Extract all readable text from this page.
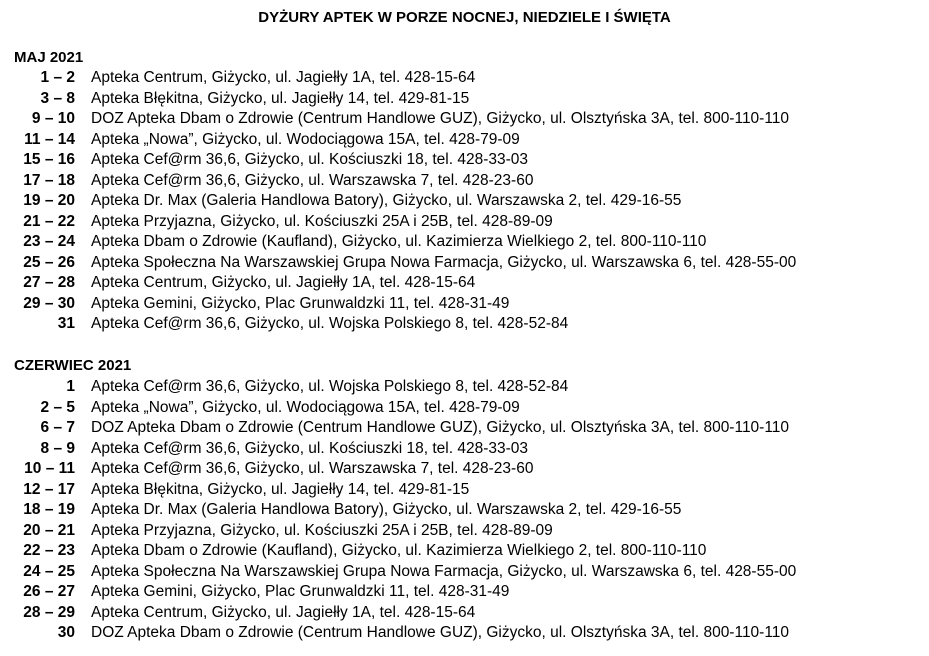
DYŻURY APTEK W PORZE NOCNEJ, NIEDZIELE I ŚWIĘTA
MAJ 2021
1 – 2 Apteka Centrum, Giżycko, ul. Jagiełły 1A, tel. 428-15-64
3 – 8 Apteka Błękitna, Giżycko, ul. Jagiełły 14, tel. 429-81-15
9 – 10 DOZ Apteka Dbam o Zdrowie (Centrum Handlowe GUZ), Giżycko, ul. Olsztyńska 3A, tel. 800-110-110
11 – 14 Apteka „Nowa”, Giżycko, ul. Wodociągowa 15A, tel. 428-79-09
15 – 16 Apteka Cef@rm 36,6, Giżycko, ul. Kościuszki 18, tel. 428-33-03
17 – 18 Apteka Cef@rm 36,6, Giżycko, ul. Warszawska 7, tel. 428-23-60
19 – 20 Apteka Dr. Max (Galeria Handlowa Batory), Giżycko, ul. Warszawska 2, tel. 429-16-55
21 – 22 Apteka Przyjazna, Giżycko, ul. Kościuszki 25A i 25B, tel. 428-89-09
23 – 24 Apteka Dbam o Zdrowie (Kaufland), Giżycko, ul. Kazimierza Wielkiego 2, tel. 800-110-110
25 – 26 Apteka Społeczna Na Warszawskiej Grupa Nowa Farmacja, Giżycko, ul. Warszawska 6, tel. 428-55-00
27 – 28 Apteka Centrum, Giżycko, ul. Jagiełły 1A, tel. 428-15-64
29 – 30 Apteka Gemini, Giżycko, Plac Grunwaldzki 11, tel. 428-31-49
31 Apteka Cef@rm 36,6, Giżycko, ul. Wojska Polskiego 8, tel. 428-52-84
CZERWIEC 2021
1 Apteka Cef@rm 36,6, Giżycko, ul. Wojska Polskiego 8, tel. 428-52-84
2 – 5 Apteka „Nowa”, Giżycko, ul. Wodociągowa 15A, tel. 428-79-09
6 – 7 DOZ Apteka Dbam o Zdrowie (Centrum Handlowe GUZ), Giżycko, ul. Olsztyńska 3A, tel. 800-110-110
8 – 9 Apteka Cef@rm 36,6, Giżycko, ul. Kościuszki 18, tel. 428-33-03
10 – 11 Apteka Cef@rm 36,6, Giżycko, ul. Warszawska 7, tel. 428-23-60
12 – 17 Apteka Błękitna, Giżycko, ul. Jagiełły 14, tel. 429-81-15
18 – 19 Apteka Dr. Max (Galeria Handlowa Batory), Giżycko, ul. Warszawska 2, tel. 429-16-55
20 – 21 Apteka Przyjazna, Giżycko, ul. Kościuszki 25A i 25B, tel. 428-89-09
22 – 23 Apteka Dbam o Zdrowie (Kaufland), Giżycko, ul. Kazimierza Wielkiego 2, tel. 800-110-110
24 – 25 Apteka Społeczna Na Warszawskiej Grupa Nowa Farmacja, Giżycko, ul. Warszawska 6, tel. 428-55-00
26 – 27 Apteka Gemini, Giżycko, Plac Grunwaldzki 11, tel. 428-31-49
28 – 29 Apteka Centrum, Giżycko, ul. Jagiełły 1A, tel. 428-15-64
30 DOZ Apteka Dbam o Zdrowie (Centrum Handlowe GUZ), Giżycko, ul. Olsztyńska 3A, tel. 800-110-110
